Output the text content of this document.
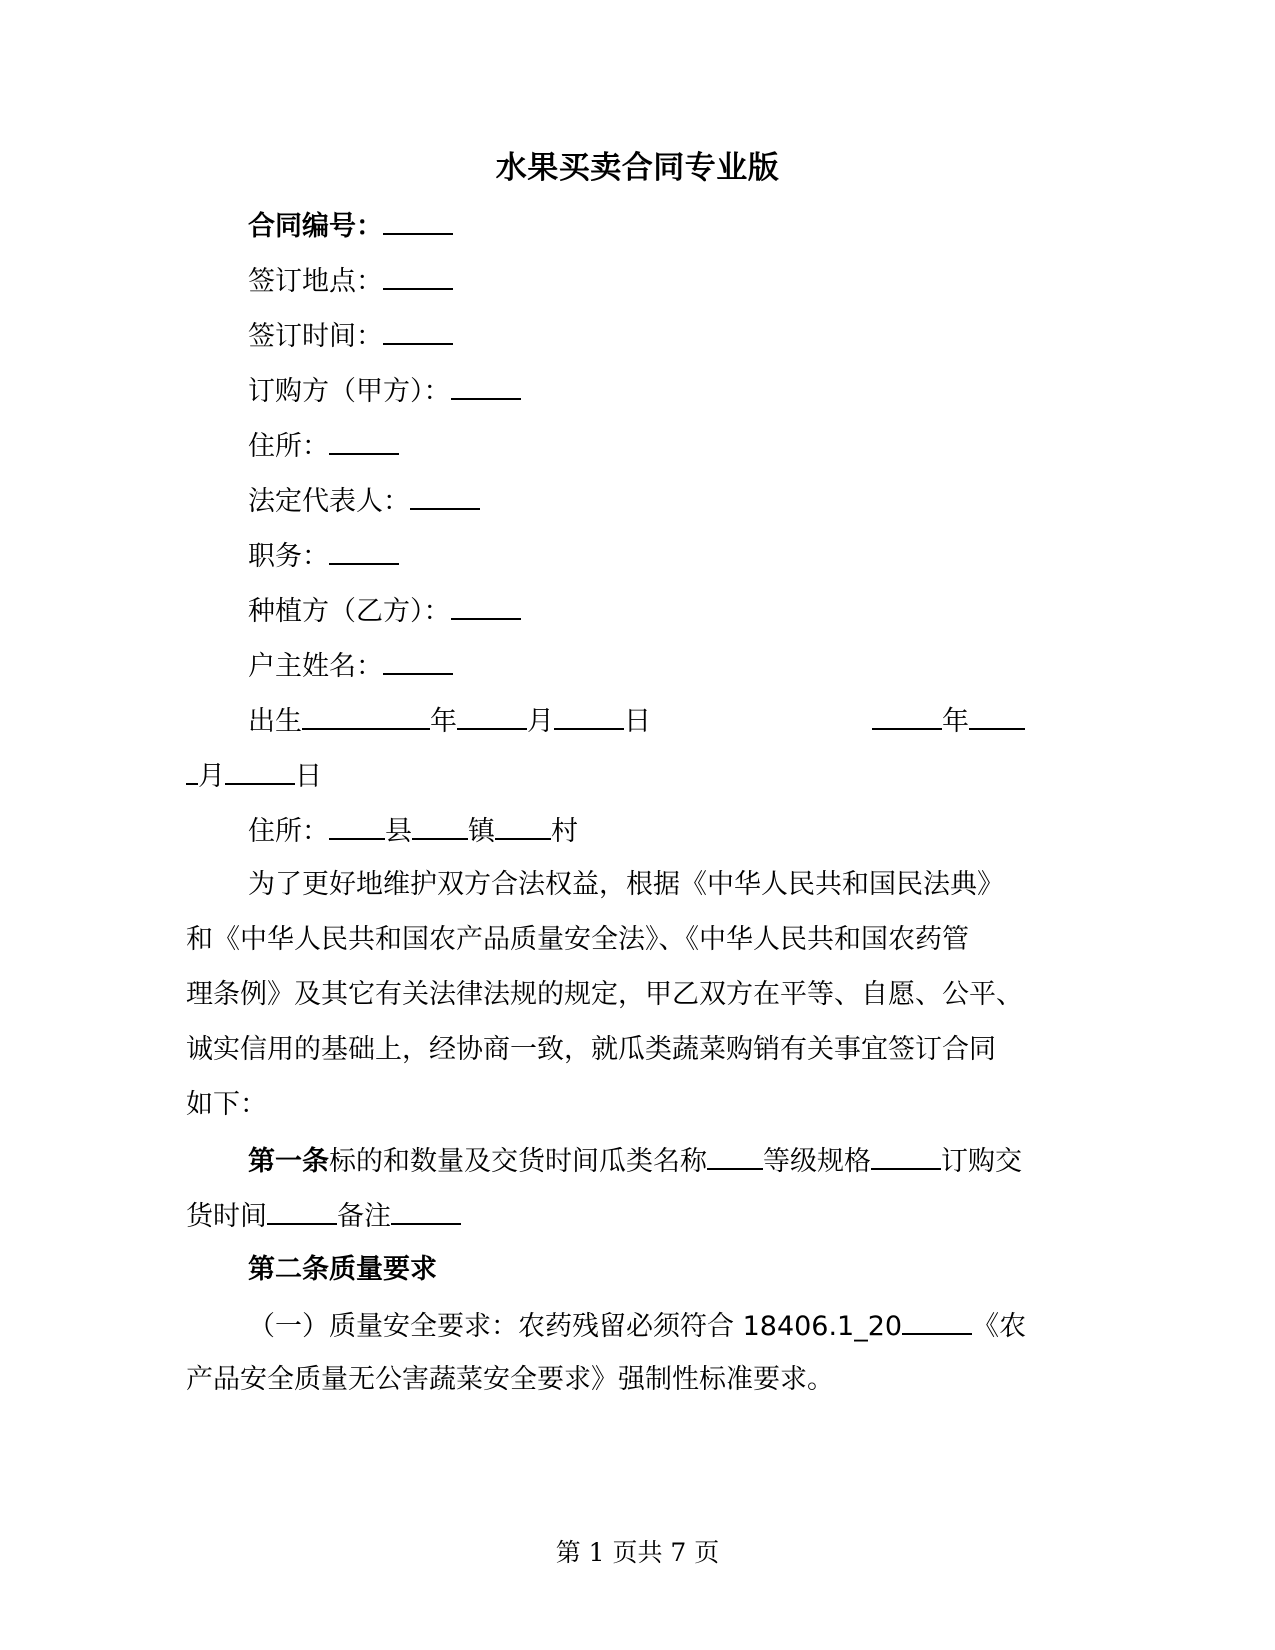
水果买卖合同专业版
合同编号：
签订地点：
签订时间：
订购方（甲方）：
住所：
法定代表人：
职务：
种植方（乙方）：
户主姓名：
出生	年	月	日	年
月	日
住所： 县 镇 村
为了更好地维护双方合法权益，根据《中华人民共和国民法典》
和《中华人民共和国农产品质量安全法》、《中华人民共和国农药管
理条例》及其它有关法律法规的规定，甲乙双方在平等、自愿、公平、
诚实信用的基础上，经协商一致，就瓜类蔬菜购销有关事宜签订合同
如下：
第一条标的和数量及交货时间瓜类名称 等级规格	订购交
货时间	备注
第二条质量要求
（一）质量安全要求：农药残留必须符合 18406.1_20	《农
产品安全质量无公害蔬菜安全要求》强制性标准要求。
第 1 页共 7 页
